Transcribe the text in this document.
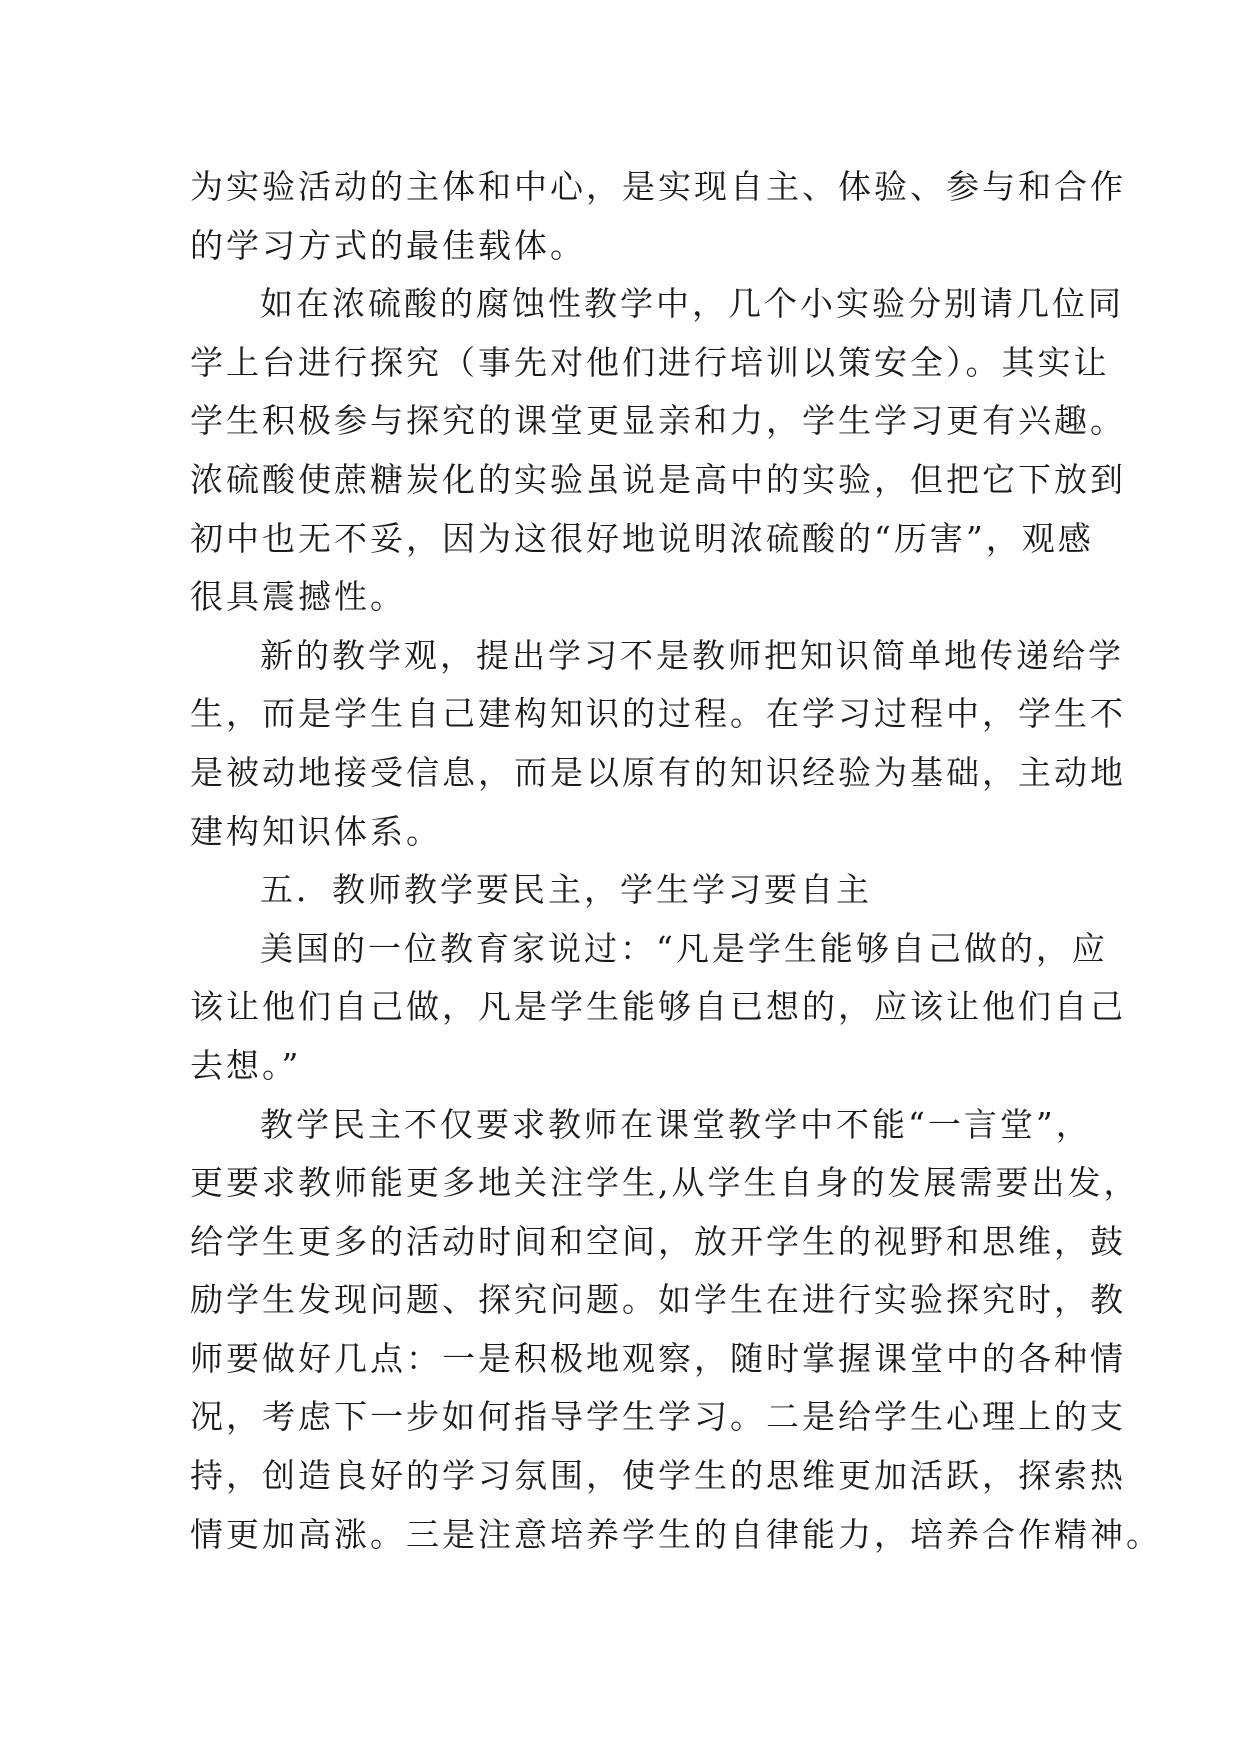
为实验活动的主体和中心，是实现自主、体验、参与和合作
的学习方式的最佳载体。
如在浓硫酸的腐蚀性教学中，几个小实验分别请几位同
学上台进行探究（事先对他们进行培训以策安全）。其实让
学生积极参与探究的课堂更显亲和力，学生学习更有兴趣。
浓硫酸使蔗糖炭化的实验虽说是高中的实验，但把它下放到
初中也无不妥，因为这很好地说明浓硫酸的“历害”，观感
很具震撼性。
新的教学观，提出学习不是教师把知识简单地传递给学
生，而是学生自己建构知识的过程。在学习过程中，学生不
是被动地接受信息，而是以原有的知识经验为基础，主动地
建构知识体系。
五．教师教学要民主，学生学习要自主
美国的一位教育家说过：“凡是学生能够自己做的，应
该让他们自己做，凡是学生能够自已想的，应该让他们自己
去想。”
教学民主不仅要求教师在课堂教学中不能“一言堂”，
更要求教师能更多地关注学生,从学生自身的发展需要出发，
给学生更多的活动时间和空间，放开学生的视野和思维，鼓
励学生发现问题、探究问题。如学生在进行实验探究时，教
师要做好几点：一是积极地观察，随时掌握课堂中的各种情
况，考虑下一步如何指导学生学习。二是给学生心理上的支
持，创造良好的学习氛围，使学生的思维更加活跃，探索热
情更加高涨。三是注意培养学生的自律能力，培养合作精神。
